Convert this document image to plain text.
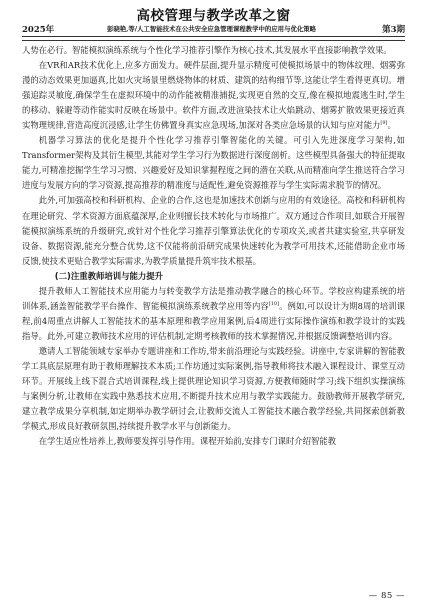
高校管理与教学改革之窗
2025年	彭晓艳,等/人工智能技术在公共安全应急管理课程教学中的应用与优化策略	第3期

人势在必行。智能模拟演练系统与个性化学习推荐引擎作为核心技术,其发展水平直接影响教学效果。

在VR和AR技术优化上,应多方面发力。硬件层面,提升显示精度可使模拟场景中的物体纹理、烟雾弥漫的动态效果更加逼真,比如火灾场景里燃烧物体的材质、建筑的结构细节等,这能让学生看得更真切。增强追踪灵敏度,确保学生在虚拟环境中的动作能被精准捕捉,实现更自然的交互,像在模拟地震逃生时,学生的移动、躲避等动作能实时反映在场景中。软件方面,改进渲染技术让火焰跳动、烟雾扩散效果更接近真实物理规律,营造高度沉浸感,让学生仿佛置身真实应急现场,加深对各类应急场景的认知与应对能力[9]。

机器学习算法的优化是提升个性化学习推荐引擎智能化的关键。可引入先进深度学习架构,如Transformer架构及其衍生模型,其能对学生学习行为数据进行深度剖析。这些模型具备强大的特征提取能力,可精准挖掘学生学习习惯、兴趣爱好及知识掌握程度之间的潜在关联,从而精准向学生推送符合学习进度与发展方向的学习资源,提高推荐的精准度与适配性,避免资源推荐与学生实际需求脱节的情况。

此外,可加强高校和科研机构、企业的合作,这也是加速技术创新与应用的有效途径。高校和科研机构在理论研究、学术资源方面底蕴深厚,企业则擅长技术转化与市场推广。双方通过合作项目,如联合开展智能模拟演练系统的升级研究,或针对个性化学习推荐引擎算法优化的专项攻关,或者共建实验室,共享研发设备、数据资源,能充分整合优势,这不仅能将前沿研究成果快速转化为教学可用技术,还能借助企业市场反馈,使技术更贴合教学实际需求,为教学质量提升筑牢技术根基。

(二)注重教师培训与能力提升

提升教师人工智能技术应用能力与转变教学方法是推动教学融合的核心环节。学校应构建系统的培训体系,涵盖智能教学平台操作、智能模拟演练系统教学应用等内容[10]。例如,可以设计为期8周的培训课程,前4周重点讲解人工智能技术的基本原理和教学应用案例,后4周进行实际操作演练和教学设计的实践指导。此外,可建立教师技术应用的评估机制,定期考核教师的技术掌握情况,并根据反馈调整培训内容。

邀请人工智能领域专家举办专题讲座和工作坊,带来前沿理论与实践经验。讲座中,专家讲解的智能教学工具底层原理有助于教师理解技术本质;工作坊通过实际案例,指导教师将技术融入课程设计、课堂互动环节。开展线上线下混合式培训课程,线上提供理论知识学习资源,方便教师随时学习;线下组织实操演练与案例分析,让教师在实践中熟悉技术应用,不断提升技术应用与教学实践能力。鼓励教师开展教学研究,建立教学成果分享机制,如定期举办教学研讨会,让教师交流人工智能技术融合教学经验,共同探索创新教学模式,形成良好教研氛围,持续提升教学水平与创新能力。

在学生适应性培养上,教师要发挥引导作用。课程开始前,安排专门课时介绍智能教

— 85 —
